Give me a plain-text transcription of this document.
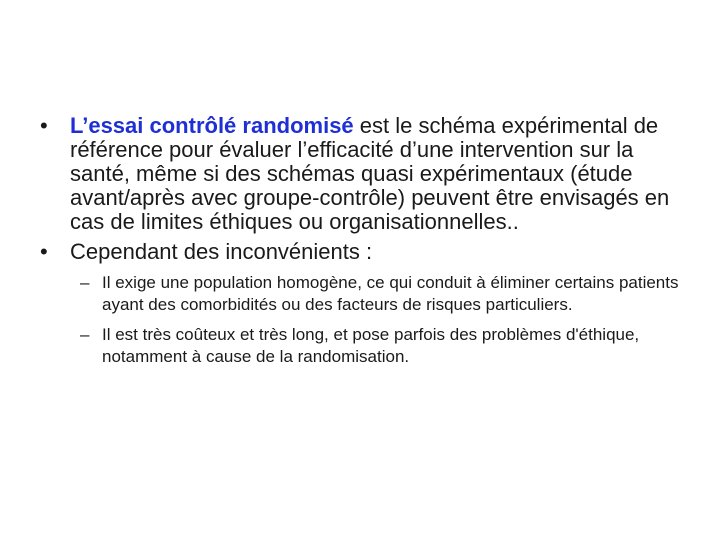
• L’essai contrôlé randomisé est le schéma expérimental de référence pour évaluer l’efficacité d’une intervention sur la santé, même si des schémas quasi expérimentaux (étude avant/après avec groupe-contrôle) peuvent être envisagés en cas de limites éthiques ou organisationnelles..
• Cependant des inconvénients :
– Il exige une population homogène, ce qui conduit à éliminer certains patients ayant des comorbidités ou des facteurs de risques particuliers.
– Il est très coûteux et très long, et pose parfois des problèmes d'éthique, notamment à cause de la randomisation.
